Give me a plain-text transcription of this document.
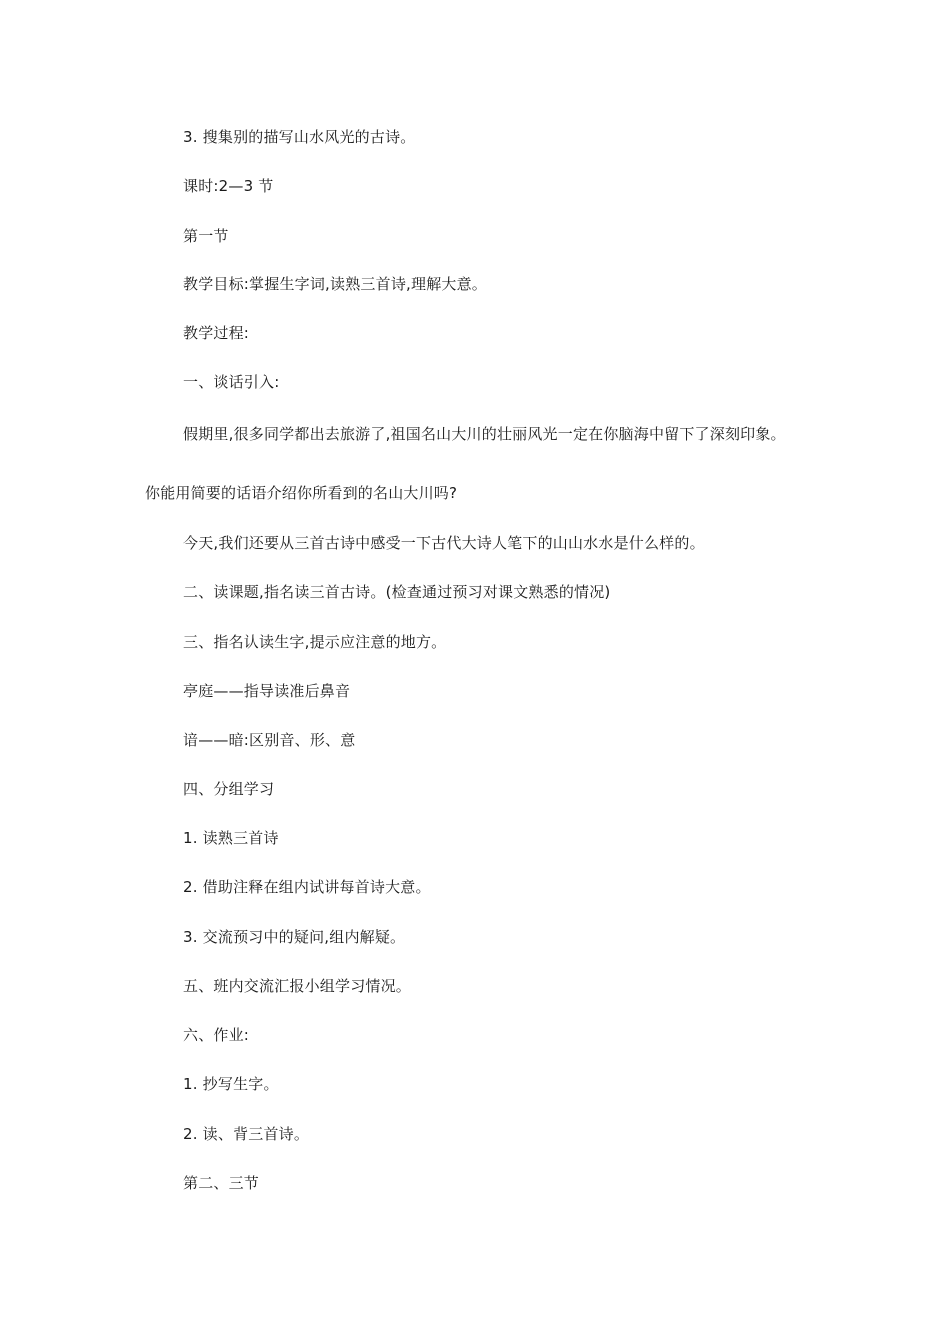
3. 搜集别的描写山水风光的古诗。
课时:2—3 节
第一节
教学目标:掌握生字词,读熟三首诗,理解大意。
教学过程:
一、谈话引入:
假期里,很多同学都出去旅游了,祖国名山大川的壮丽风光一定在你脑海中留下了深刻印象。
你能用简要的话语介绍你所看到的名山大川吗?
今天,我们还要从三首古诗中感受一下古代大诗人笔下的山山水水是什么样的。
二、读课题,指名读三首古诗。(检查通过预习对课文熟悉的情况)
三、指名认读生字,提示应注意的地方。
亭庭——指导读准后鼻音
谙——暗:区别音、形、意
四、分组学习
1. 读熟三首诗
2. 借助注释在组内试讲每首诗大意。
3. 交流预习中的疑问,组内解疑。
五、班内交流汇报小组学习情况。
六、作业:
1. 抄写生字。
2. 读、背三首诗。
第二、三节
